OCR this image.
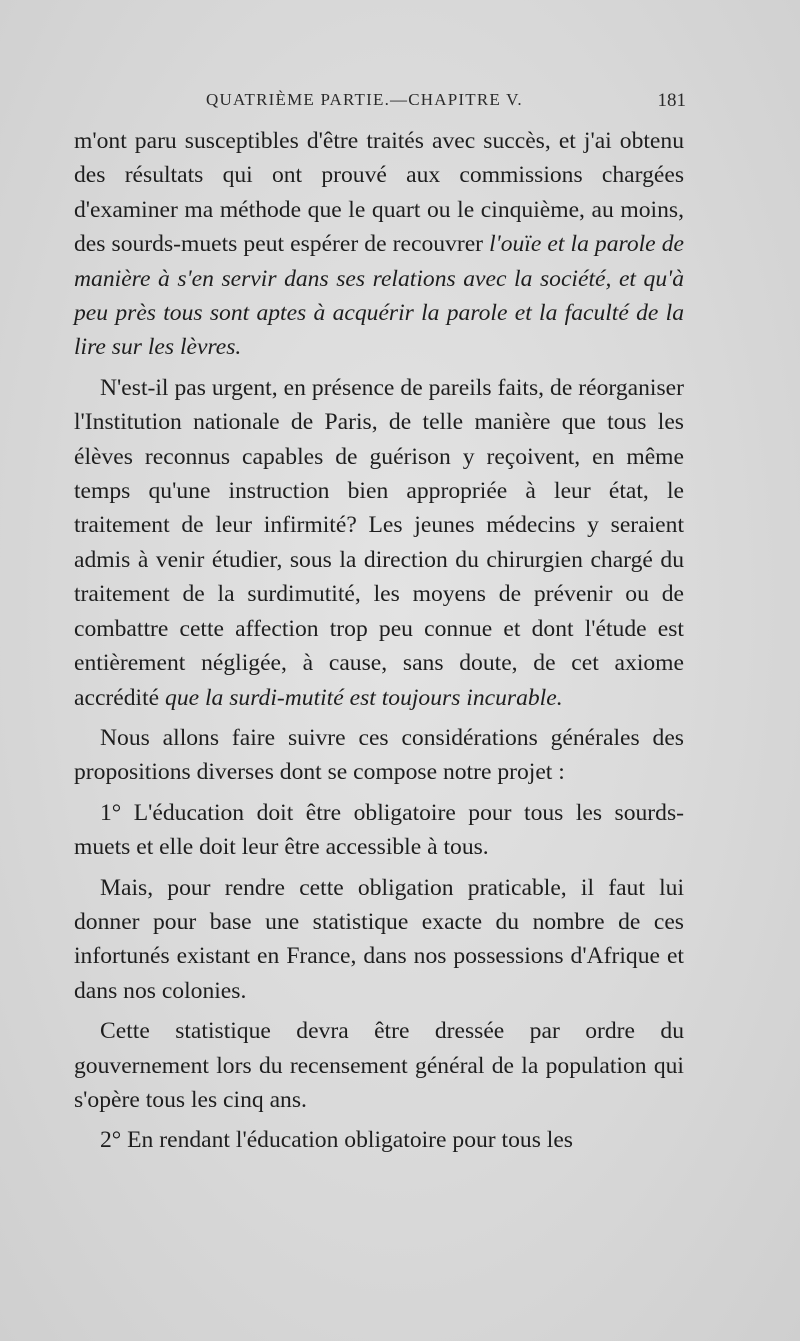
QUATRIÈME PARTIE.—CHAPITRE V.	181

m'ont paru susceptibles d'être traités avec succès, et j'ai obtenu des résultats qui ont prouvé aux commissions chargées d'examiner ma méthode que le quart ou le cinquième, au moins, des sourds-muets peut espérer de recouvrer l'ouïe et la parole de manière à s'en servir dans ses relations avec la société, et qu'à peu près tous sont aptes à acquérir la parole et la faculté de la lire sur les lèvres.

N'est-il pas urgent, en présence de pareils faits, de réorganiser l'Institution nationale de Paris, de telle manière que tous les élèves reconnus capables de guérison y reçoivent, en même temps qu'une instruction bien appropriée à leur état, le traitement de leur infirmité? Les jeunes médecins y seraient admis à venir étudier, sous la direction du chirurgien chargé du traitement de la surdimutité, les moyens de prévenir ou de combattre cette affection trop peu connue et dont l'étude est entièrement négligée, à cause, sans doute, de cet axiome accrédité que la surdi-mutité est toujours incurable.

Nous allons faire suivre ces considérations générales des propositions diverses dont se compose notre projet :

1° L'éducation doit être obligatoire pour tous les sourds-muets et elle doit leur être accessible à tous.

Mais, pour rendre cette obligation praticable, il faut lui donner pour base une statistique exacte du nombre de ces infortunés existant en France, dans nos possessions d'Afrique et dans nos colonies.

Cette statistique devra être dressée par ordre du gouvernement lors du recensement général de la population qui s'opère tous les cinq ans.

2° En rendant l'éducation obligatoire pour tous les
